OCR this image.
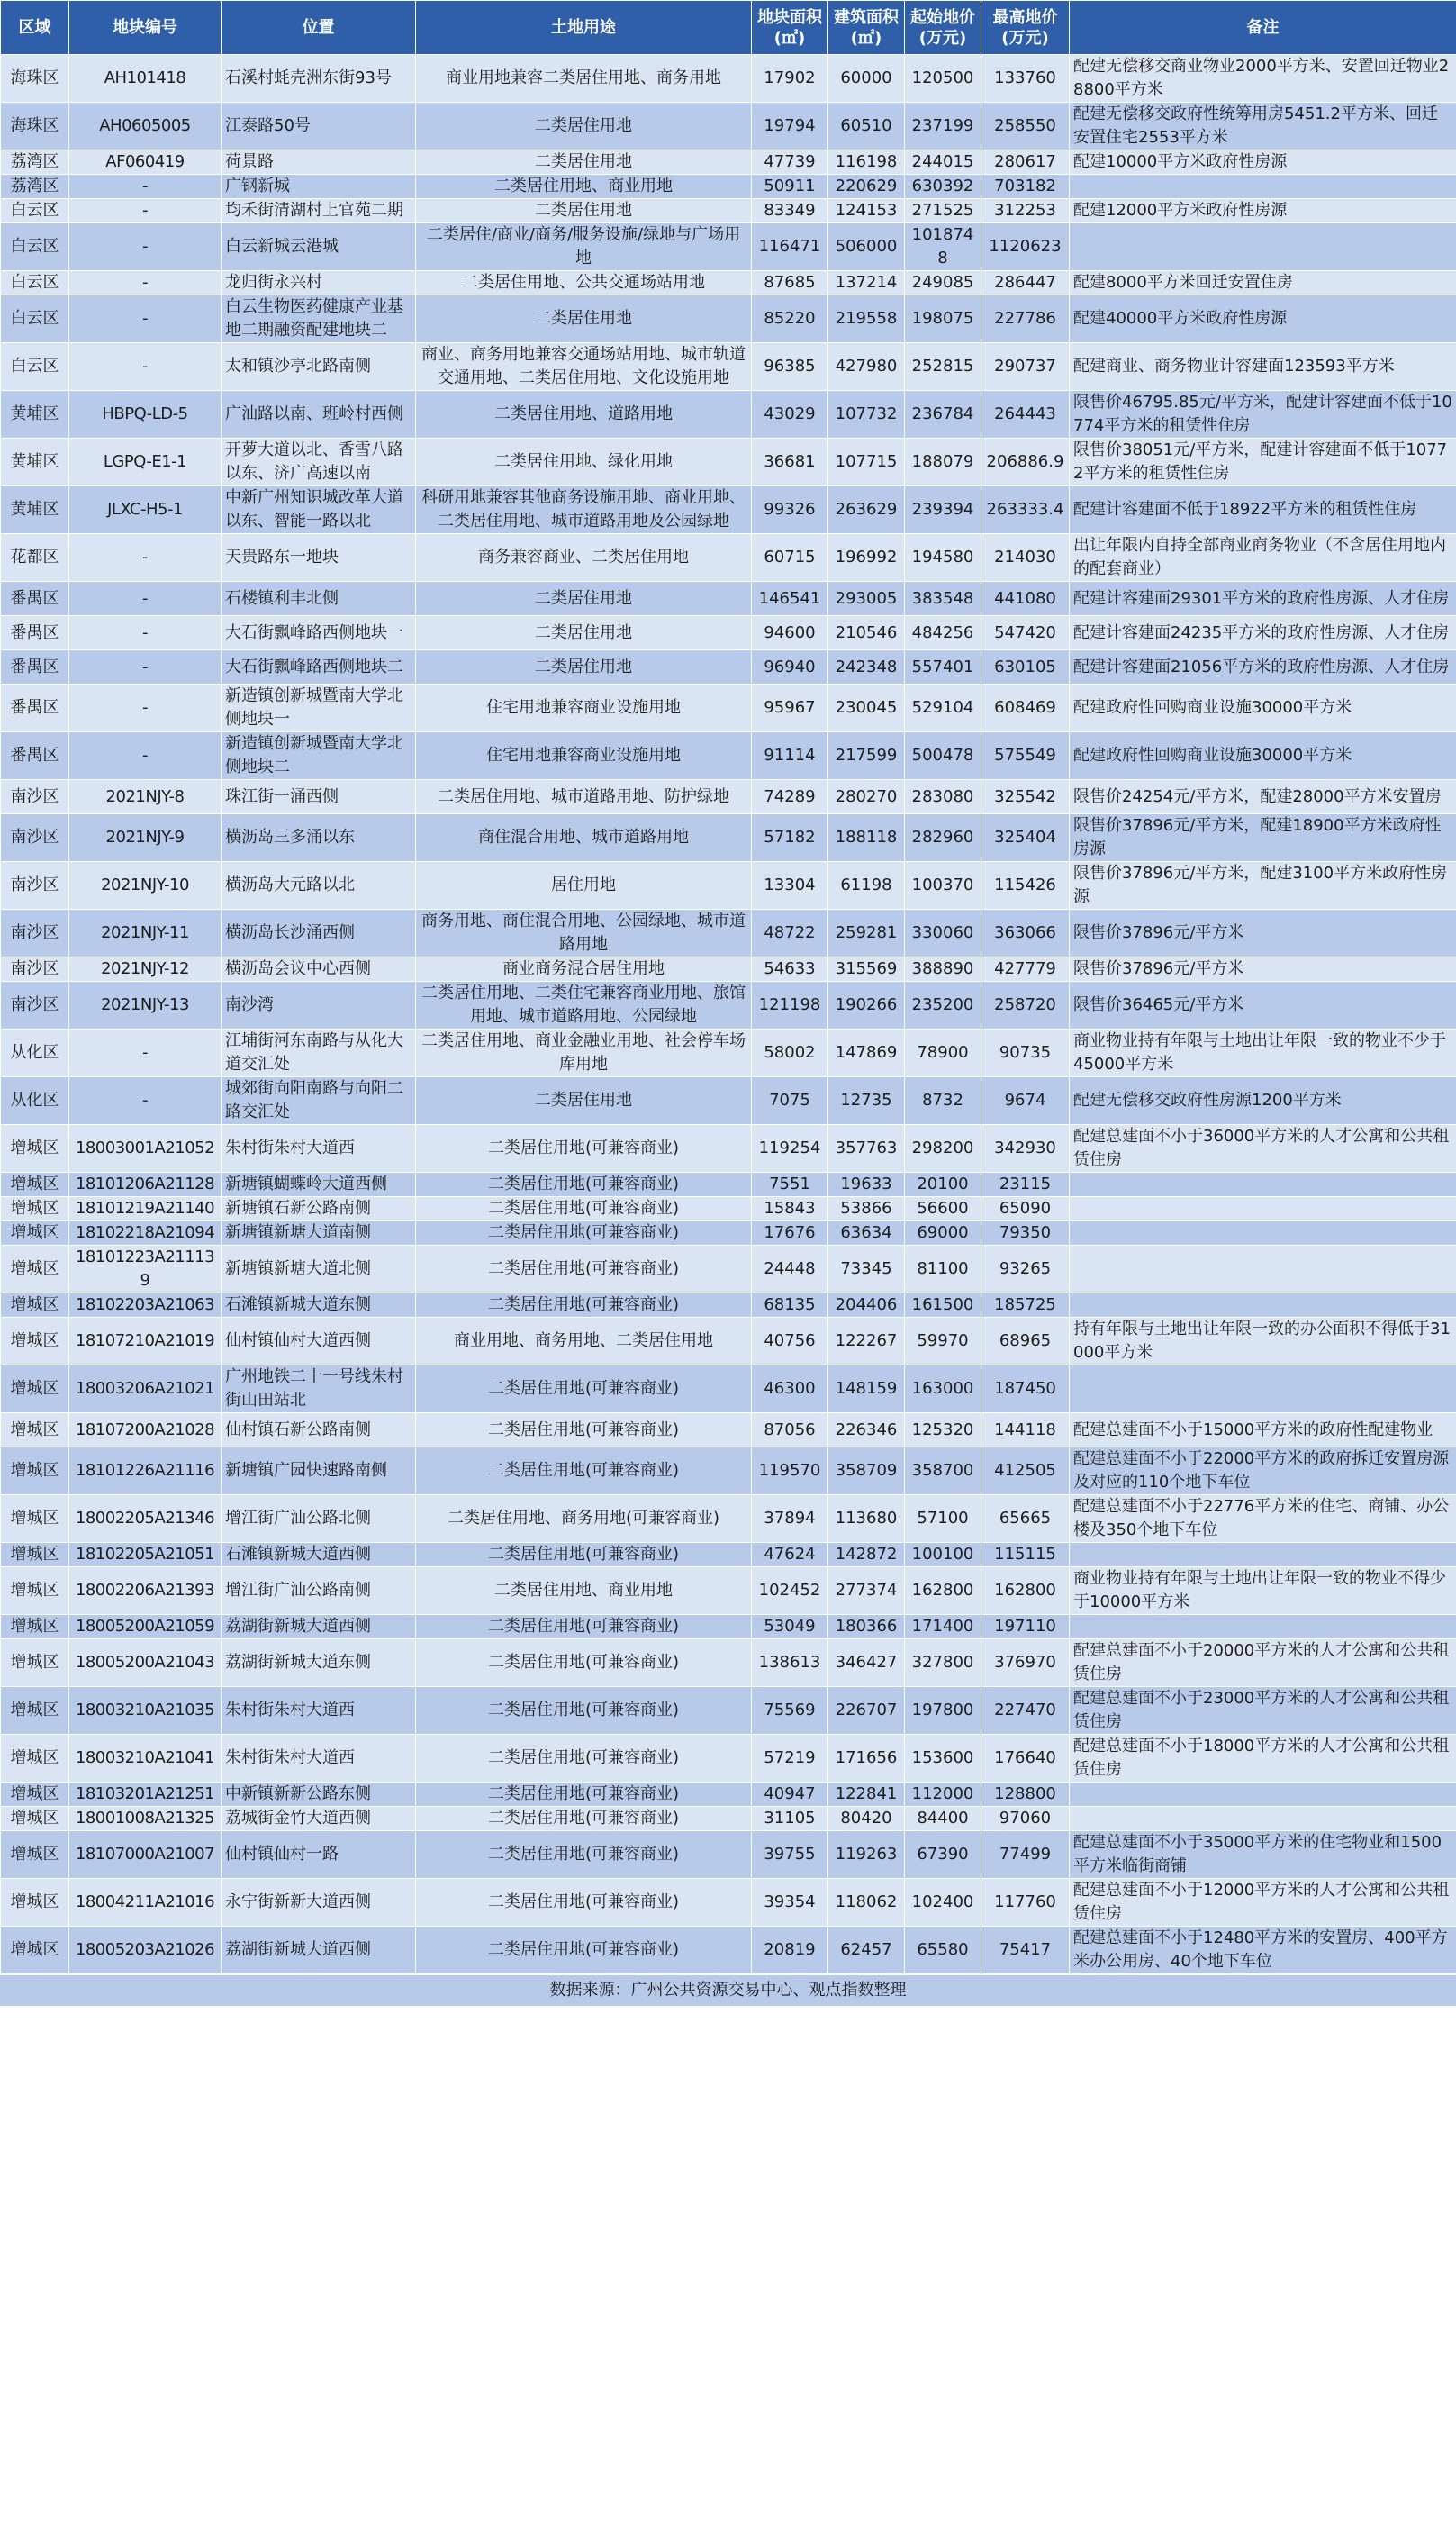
区域	地块编号	位置	土地用途	地块面积(㎡)	建筑面积(㎡)	起始地价(万元)	最高地价(万元)	备注
海珠区	AH101418	石溪村蚝壳洲东街93号	商业用地兼容二类居住用地、商务用地	17902	60000	120500	133760	配建无偿移交商业物业2000平方米、安置回迁物业28800平方米
海珠区	AH0605005	江泰路50号	二类居住用地	19794	60510	237199	258550	配建无偿移交政府性统筹用房5451.2平方米、回迁安置住宅2553平方米
荔湾区	AF060419	荷景路	二类居住用地	47739	116198	244015	280617	配建10000平方米政府性房源
荔湾区	-	广钢新城	二类居住用地、商业用地	50911	220629	630392	703182	
白云区	-	均禾街清湖村上官苑二期	二类居住用地	83349	124153	271525	312253	配建12000平方米政府性房源
白云区	-	白云新城云港城	二类居住/商业/商务/服务设施/绿地与广场用地	116471	506000	1018748	1120623	
白云区	-	龙归街永兴村	二类居住用地、公共交通场站用地	87685	137214	249085	286447	配建8000平方米回迁安置住房
白云区	-	白云生物医药健康产业基地二期融资配建地块二	二类居住用地	85220	219558	198075	227786	配建40000平方米政府性房源
白云区	-	太和镇沙亭北路南侧	商业、商务用地兼容交通场站用地、城市轨道交通用地、二类居住用地、文化设施用地	96385	427980	252815	290737	配建商业、商务物业计容建面123593平方米
黄埔区	HBPQ-LD-5	广汕路以南、班岭村西侧	二类居住用地、道路用地	43029	107732	236784	264443	限售价46795.85元/平方米，配建计容建面不低于10774平方米的租赁性住房
黄埔区	LGPQ-E1-1	开萝大道以北、香雪八路以东、济广高速以南	二类居住用地、绿化用地	36681	107715	188079	206886.9	限售价38051元/平方米，配建计容建面不低于10772平方米的租赁性住房
黄埔区	JLXC-H5-1	中新广州知识城改革大道以东、智能一路以北	科研用地兼容其他商务设施用地、商业用地、二类居住用地、城市道路用地及公园绿地	99326	263629	239394	263333.4	配建计容建面不低于18922平方米的租赁性住房
花都区	-	天贵路东一地块	商务兼容商业、二类居住用地	60715	196992	194580	214030	出让年限内自持全部商业商务物业（不含居住用地内的配套商业）
番禺区	-	石楼镇利丰北侧	二类居住用地	146541	293005	383548	441080	配建计容建面29301平方米的政府性房源、人才住房
番禺区	-	大石街飘峰路西侧地块一	二类居住用地	94600	210546	484256	547420	配建计容建面24235平方米的政府性房源、人才住房
番禺区	-	大石街飘峰路西侧地块二	二类居住用地	96940	242348	557401	630105	配建计容建面21056平方米的政府性房源、人才住房
番禺区	-	新造镇创新城暨南大学北侧地块一	住宅用地兼容商业设施用地	95967	230045	529104	608469	配建政府性回购商业设施30000平方米
番禺区	-	新造镇创新城暨南大学北侧地块二	住宅用地兼容商业设施用地	91114	217599	500478	575549	配建政府性回购商业设施30000平方米
南沙区	2021NJY-8	珠江街一涌西侧	二类居住用地、城市道路用地、防护绿地	74289	280270	283080	325542	限售价24254元/平方米，配建28000平方米安置房
南沙区	2021NJY-9	横沥岛三多涌以东	商住混合用地、城市道路用地	57182	188118	282960	325404	限售价37896元/平方米，配建18900平方米政府性房源
南沙区	2021NJY-10	横沥岛大元路以北	居住用地	13304	61198	100370	115426	限售价37896元/平方米，配建3100平方米政府性房源
南沙区	2021NJY-11	横沥岛长沙涌西侧	商务用地、商住混合用地、公园绿地、城市道路用地	48722	259281	330060	363066	限售价37896元/平方米
南沙区	2021NJY-12	横沥岛会议中心西侧	商业商务混合居住用地	54633	315569	388890	427779	限售价37896元/平方米
南沙区	2021NJY-13	南沙湾	二类居住用地、二类住宅兼容商业用地、旅馆用地、城市道路用地、公园绿地	121198	190266	235200	258720	限售价36465元/平方米
从化区	-	江埔街河东南路与从化大道交汇处	二类居住用地、商业金融业用地、社会停车场库用地	58002	147869	78900	90735	商业物业持有年限与土地出让年限一致的物业不少于45000平方米
从化区	-	城郊街向阳南路与向阳二路交汇处	二类居住用地	7075	12735	8732	9674	配建无偿移交政府性房源1200平方米
增城区	18003001A21052	朱村街朱村大道西	二类居住用地(可兼容商业)	119254	357763	298200	342930	配建总建面不小于36000平方米的人才公寓和公共租赁住房
增城区	18101206A21128	新塘镇蝴蝶岭大道西侧	二类居住用地(可兼容商业)	7551	19633	20100	23115	
增城区	18101219A21140	新塘镇石新公路南侧	二类居住用地(可兼容商业)	15843	53866	56600	65090	
增城区	18102218A21094	新塘镇新塘大道南侧	二类居住用地(可兼容商业)	17676	63634	69000	79350	
增城区	18101223A211139	新塘镇新塘大道北侧	二类居住用地(可兼容商业)	24448	73345	81100	93265	
增城区	18102203A21063	石滩镇新城大道东侧	二类居住用地(可兼容商业)	68135	204406	161500	185725	
增城区	18107210A21019	仙村镇仙村大道西侧	商业用地、商务用地、二类居住用地	40756	122267	59970	68965	持有年限与土地出让年限一致的办公面积不得低于31000平方米
增城区	18003206A21021	广州地铁二十一号线朱村街山田站北	二类居住用地(可兼容商业)	46300	148159	163000	187450	
增城区	18107200A21028	仙村镇石新公路南侧	二类居住用地(可兼容商业)	87056	226346	125320	144118	配建总建面不小于15000平方米的政府性配建物业
增城区	18101226A21116	新塘镇广园快速路南侧	二类居住用地(可兼容商业)	119570	358709	358700	412505	配建总建面不小于22000平方米的政府拆迁安置房源及对应的110个地下车位
增城区	18002205A21346	增江街广汕公路北侧	二类居住用地、商务用地(可兼容商业)	37894	113680	57100	65665	配建总建面不小于22776平方米的住宅、商铺、办公楼及350个地下车位
增城区	18102205A21051	石滩镇新城大道西侧	二类居住用地(可兼容商业)	47624	142872	100100	115115	
增城区	18002206A21393	增江街广汕公路南侧	二类居住用地、商业用地	102452	277374	162800	162800	商业物业持有年限与土地出让年限一致的物业不得少于10000平方米
增城区	18005200A21059	荔湖街新城大道西侧	二类居住用地(可兼容商业)	53049	180366	171400	197110	
增城区	18005200A21043	荔湖街新城大道东侧	二类居住用地(可兼容商业)	138613	346427	327800	376970	配建总建面不小于20000平方米的人才公寓和公共租赁住房
增城区	18003210A21035	朱村街朱村大道西	二类居住用地(可兼容商业)	75569	226707	197800	227470	配建总建面不小于23000平方米的人才公寓和公共租赁住房
增城区	18003210A21041	朱村街朱村大道西	二类居住用地(可兼容商业)	57219	171656	153600	176640	配建总建面不小于18000平方米的人才公寓和公共租赁住房
增城区	18103201A21251	中新镇新新公路东侧	二类居住用地(可兼容商业)	40947	122841	112000	128800	
增城区	18001008A21325	荔城街金竹大道西侧	二类居住用地(可兼容商业)	31105	80420	84400	97060	
增城区	18107000A21007	仙村镇仙村一路	二类居住用地(可兼容商业)	39755	119263	67390	77499	配建总建面不小于35000平方米的住宅物业和1500平方米临街商铺
增城区	18004211A21016	永宁街新新大道西侧	二类居住用地(可兼容商业)	39354	118062	102400	117760	配建总建面不小于12000平方米的人才公寓和公共租赁住房
增城区	18005203A21026	荔湖街新城大道西侧	二类居住用地(可兼容商业)	20819	62457	65580	75417	配建总建面不小于12480平方米的安置房、400平方米办公用房、40个地下车位
数据来源：广州公共资源交易中心、观点指数整理
